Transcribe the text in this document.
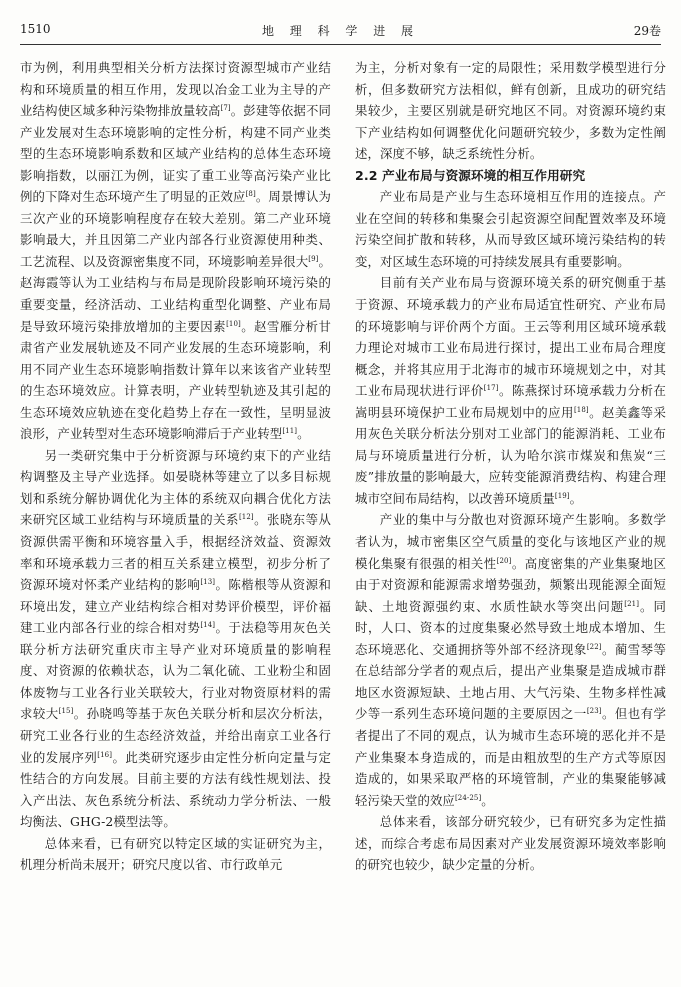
1510	地 理 科 学 进 展	29卷

市为例，利用典型相关分析方法探讨资源型城市产业结构和环境质量的相互作用，发现以冶金工业为主导的产业结构使区域多种污染物排放量较高[7]。彭建等依据不同产业发展对生态环境影响的定性分析，构建不同产业类型的生态环境影响系数和区域产业结构的总体生态环境影响指数，以丽江为例，证实了重工业等高污染产业比例的下降对生态环境产生了明显的正效应[8]。周景博认为三次产业的环境影响程度存在较大差别。第二产业环境影响最大，并且因第二产业内部各行业资源使用种类、工艺流程、以及资源密集度不同，环境影响差异很大[9]。赵海霞等认为工业结构与布局是现阶段影响环境污染的重要变量，经济活动、工业结构重型化调整、产业布局是导致环境污染排放增加的主要因素[10]。赵雪雁分析甘肃省产业发展轨迹及不同产业发展的生态环境影响，利用不同产业生态环境影响指数计算年以来该省产业转型的生态环境效应。计算表明，产业转型轨迹及其引起的生态环境效应轨迹在变化趋势上存在一致性，呈明显波浪形，产业转型对生态环境影响滞后于产业转型[11]。

另一类研究集中于分析资源与环境约束下的产业结构调整及主导产业选择。如晏晓林等建立了以多目标规划和系统分解协调优化为主体的系统双向耦合优化方法来研究区域工业结构与环境质量的关系[12]。张晓东等从资源供需平衡和环境容量入手，根据经济效益、资源效率和环境承载力三者的相互关系建立模型，初步分析了资源环境对怀柔产业结构的影响[13]。陈楷根等从资源和环境出发，建立产业结构综合相对势评价模型，评价福建工业内部各行业的综合相对势[14]。于法稳等用灰色关联分析方法研究重庆市主导产业对环境质量的影响程度、对资源的依赖状态，认为二氧化硫、工业粉尘和固体废物与工业各行业关联较大，行业对物资原材料的需求较大[15]。孙晓鸣等基于灰色关联分析和层次分析法，研究工业各行业的生态经济效益，并给出南京工业各行业的发展序列[16]。此类研究逐步由定性分析向定量与定性结合的方向发展。目前主要的方法有线性规划法、投入产出法、灰色系统分析法、系统动力学分析法、一般均衡法、GHG-2模型法等。

总体来看，已有研究以特定区域的实证研究为主，机理分析尚未展开；研究尺度以省、市行政单元

为主，分析对象有一定的局限性；采用数学模型进行分析，但多数研究方法相似，鲜有创新，且成功的研究结果较少，主要区别就是研究地区不同。对资源环境约束下产业结构如何调整优化问题研究较少，多数为定性阐述，深度不够，缺乏系统性分析。

2.2 产业布局与资源环境的相互作用研究

产业布局是产业与生态环境相互作用的连接点。产业在空间的转移和集聚会引起资源空间配置效率及环境污染空间扩散和转移，从而导致区域环境污染结构的转变，对区域生态环境的可持续发展具有重要影响。

目前有关产业布局与资源环境关系的研究侧重于基于资源、环境承载力的产业布局适宜性研究、产业布局的环境影响与评价两个方面。王云等利用区域环境承载力理论对城市工业布局进行探讨，提出工业布局合理度概念，并将其应用于北海市的城市环境规划之中，对其工业布局现状进行评价[17]。陈燕探讨环境承载力分析在嵩明县环境保护工业布局规划中的应用[18]。赵美鑫等采用灰色关联分析法分别对工业部门的能源消耗、工业布局与环境质量进行分析，认为哈尔滨市煤炭和焦炭“三废”排放量的影响最大，应转变能源消费结构、构建合理城市空间布局结构，以改善环境质量[19]。

产业的集中与分散也对资源环境产生影响。多数学者认为，城市密集区空气质量的变化与该地区产业的规模化集聚有很强的相关性[20]。高度密集的产业集聚地区由于对资源和能源需求增势强劲，频繁出现能源全面短缺、土地资源强约束、水质性缺水等突出问题[21]。同时，人口、资本的过度集聚必然导致土地成本增加、生态环境恶化、交通拥挤等外部不经济现象[22]。蔺雪琴等在总结部分学者的观点后，提出产业集聚是造成城市群地区水资源短缺、土地占用、大气污染、生物多样性减少等一系列生态环境问题的主要原因之一[23]。但也有学者提出了不同的观点，认为城市生态环境的恶化并不是产业集聚本身造成的，而是由粗放型的生产方式等原因造成的，如果采取严格的环境管制，产业的集聚能够减轻污染天堂的效应[24-25]。

总体来看，该部分研究较少，已有研究多为定性描述，而综合考虑布局因素对产业发展资源环境效率影响的研究也较少，缺少定量的分析。
